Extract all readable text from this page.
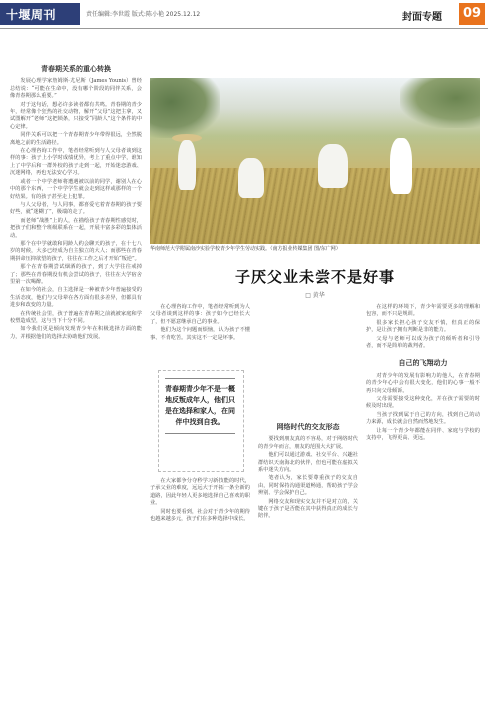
十堰周刊	责任编辑:李世霞 版式:陈小艳 2025.12.12	封面专题	09
青春期关系的重心转换

发展心理学家詹姆斯·尤尼斯（James Younis）曾经总结说：“可能在生命中，没有哪个阶段的同伴关系，会像青春期那么重要。”

对于这句话，想必许多读者都有共鸣。青春期的青少年，经常像个狂热的社交动物，解开“父母”这把主拿，又试图解开“老师”这把锁条，只接受“同龄人”这个条件的中心定律。

同伴关系可以把一个青春期青少年带得很远，全然脱离地之前的生活路径。

在心理咨询工作中，笔者经常听到与人父母者谈到这样的事：孩子上小学时成绩优异，考上了重点中学，谁知上了中学后和一群外校的孩子走到一起，开始迷恋游戏、沉迷网络，再也无法安心学习。

或者一个中学老师将遭遇被以前的同学，谢别人在心中的那个东西，一个中学学生就会走到这样或那样的一个好结果。有的孩子甚至走上犯罪。

与人父母者，与人同事，都喜爱宅着青春期的孩子要好些，就“迷糊了”，极端的走了。

而老师“战胜”上的人，在描绘孩子青春期性感觉时，把孩子们和整个班级联系在一起，开展丰富多彩的集体活动。

那个在中学就敢和同龄人约会聊天的孩子，在十七八岁的时候，大多已经成为自主独立的大人；而那些在青春期拼命压抑欲望的孩子，往往在工作之后才开始“叛逆”。

那个在青春期尝试烟酒的孩子，到了大学往往戒掉了；那些在青春期没有机会尝试的孩子，往往在大学宿舍里第一次喝醉。

在如今的社会，自主选择是一种被青少年普遍接受的生活态度，他们与父母辈在各方面有很多差异，但都具有进步和改变的力量。

在传统社会里，孩子普遍在青春期之前就被家庭和学校塑造成型，这与当下十分不同。

如今我们更是倾向发现青少年在积极选择方面的能力，并根据他们的选择去协助他们发展。

华南师范大学附属南沙实验学校青少年学生劳动实践。（南方报业传媒集团 图/东广网）
子厌父业未尝不是好事
□ 黄华

在心理咨询工作中，笔者经常听到为人父母者谈到这样的事：孩子如今已经长大了，但不愿意继承自己的事业。

他们为这个问题而烦恼，认为孩子不懂事、不肯吃苦。其实这不一定是坏事。

青春期青少年不是一概地反叛成年人，他们只是在选择和家人，在同伴中找到自我。

在大家都争分夺秒学习新技能的时代，子承父业的难度，远远大于开拓一条全新的道路，因此年轻人更多地选择自己喜欢的职业。

同时也要看到，社会对于青少年的期待也越来越多元，孩子们在多种选择中成长。

网络时代的交友形态

要找到朋友真的不容易，对于网络时代的青少年而言，朋友的范围大大扩展。

他们可以通过游戏、社交平台、兴趣社群结识天南海北的伙伴，但也可能在虚拟关系中迷失方向。

笔者认为，家长要尊重孩子的交友自由，同时保持沟通渠道畅通，帮助孩子学会辨别、学会保护自己。

网络交友和现实交友并不是对立的，关键在于孩子是否能在其中获得真正的成长与陪伴。

在这样的环境下，青少年需要更多的理解和包容，而不只是规训。

很多家长担心孩子交友不慎，但真正的保护，是让孩子拥有判断是非的能力。

父母与老师可以成为孩子的倾听者和引导者，而不是简单的裁判者。

自己的飞翔动力

对青少年的发展有影响力的他人，在青春期的青少年心中会有很大变化，他们的心事一般不再只向父母倾诉。

父母需要接受这种变化，并在孩子需要的时候及时出现。

当孩子找到属于自己的方向，找到自己的动力来源，成长就会自然而然地发生。

让每一个青少年都能在同伴、家庭与学校的支持中，飞得更高、更远。
